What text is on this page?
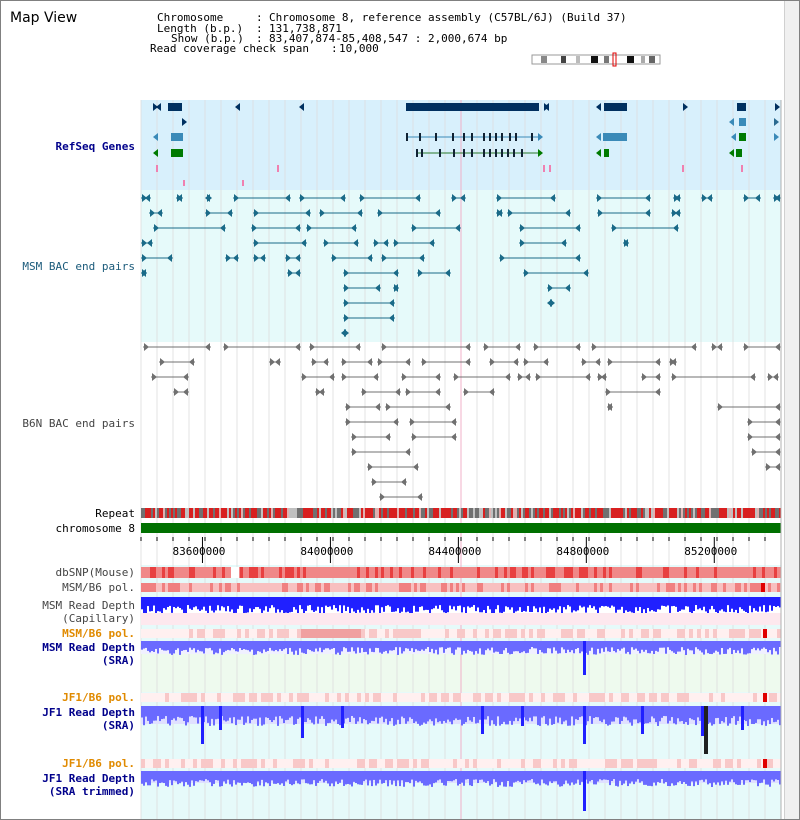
Map View	Chromosome	: Chromosome 8, reference assembly (C57BL/6J) (Build 37)
Length (b.p.) : 131,738,871
Show (b.p.) : 83,407,874-85,408,547 : 2,000,674 bp
Read coverage check span : 10,000
83600000	84000000	84400000	84800000	85200000
RefSeq Genes
MSM BAC end pairs
B6N BAC end pairs
Repeat
chromosome 8
dbSNP(Mouse)
MSM/B6 pol.
MSM Read Depth
(Capillary)
MSM/B6 pol.
MSM Read Depth
(SRA)
JF1/B6 pol.
JF1 Read Depth
(SRA)
JF1/B6 pol.
JF1 Read Depth
(SRA trimmed)
